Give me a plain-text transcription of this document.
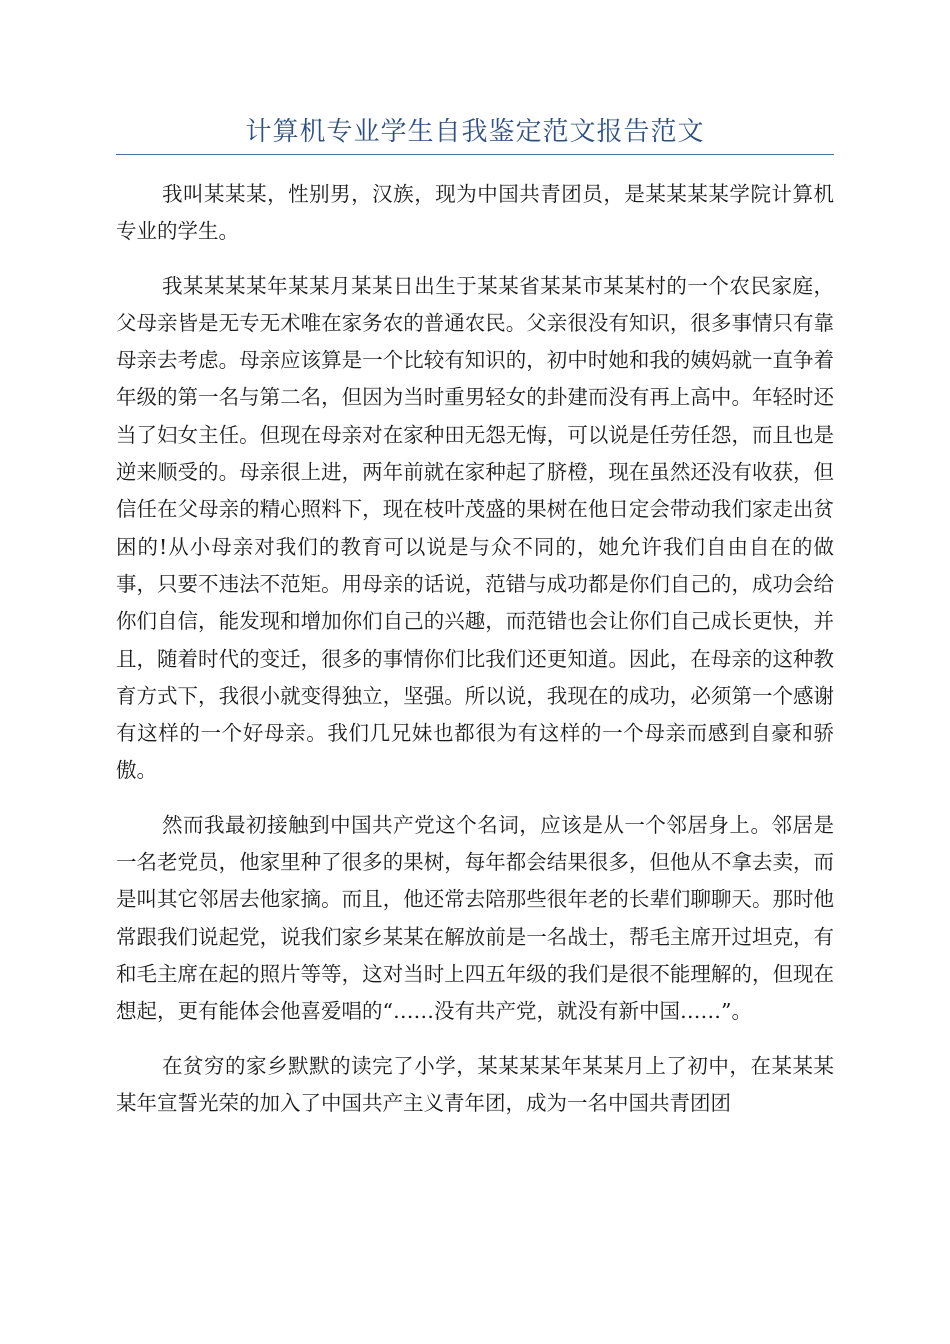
计算机专业学生自我鉴定范文报告范文

我叫某某某，性别男，汉族，现为中国共青团员，是某某某某学院计算机专业的学生。

我某某某某年某某月某某日出生于某某省某某市某某村的一个农民家庭，父母亲皆是无专无术唯在家务农的普通农民。父亲很没有知识，很多事情只有靠母亲去考虑。母亲应该算是一个比较有知识的，初中时她和我的姨妈就一直争着年级的第一名与第二名，但因为当时重男轻女的卦建而没有再上高中。年轻时还当了妇女主任。但现在母亲对在家种田无怨无悔，可以说是任劳任怨，而且也是逆来顺受的。母亲很上进，两年前就在家种起了脐橙，现在虽然还没有收获，但信任在父母亲的精心照料下，现在枝叶茂盛的果树在他日定会带动我们家走出贫困的!从小母亲对我们的教育可以说是与众不同的，她允许我们自由自在的做事，只要不违法不范矩。用母亲的话说，范错与成功都是你们自己的，成功会给你们自信，能发现和增加你们自己的兴趣，而范错也会让你们自己成长更快，并且，随着时代的变迁，很多的事情你们比我们还更知道。因此，在母亲的这种教育方式下，我很小就变得独立，坚强。所以说，我现在的成功，必须第一个感谢有这样的一个好母亲。我们几兄妹也都很为有这样的一个母亲而感到自豪和骄傲。

然而我最初接触到中国共产党这个名词，应该是从一个邻居身上。邻居是一名老党员，他家里种了很多的果树，每年都会结果很多，但他从不拿去卖，而是叫其它邻居去他家摘。而且，他还常去陪那些很年老的长辈们聊聊天。那时他常跟我们说起党，说我们家乡某某在解放前是一名战士，帮毛主席开过坦克，有和毛主席在起的照片等等，这对当时上四五年级的我们是很不能理解的，但现在想起，更有能体会他喜爱唱的“……没有共产党，就没有新中国……”。

在贫穷的家乡默默的读完了小学，某某某某年某某月上了初中，在某某某某年宣誓光荣的加入了中国共产主义青年团，成为一名中国共青团团
